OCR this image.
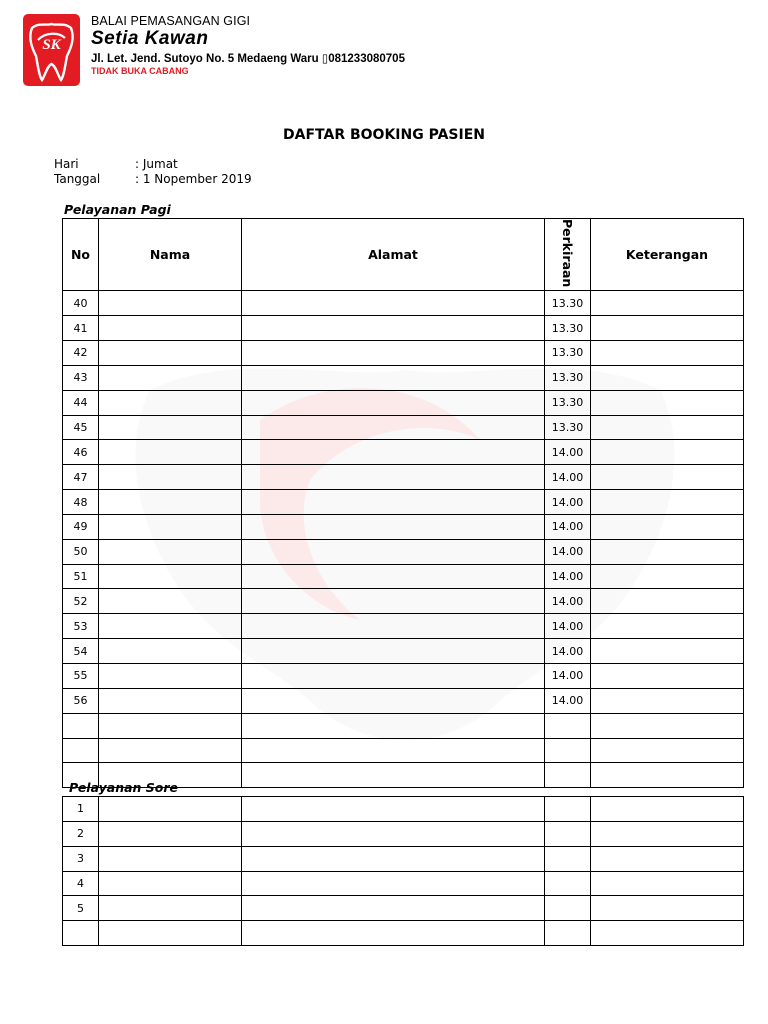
SK
BALAI PEMASANGAN GIGI
Setia Kawan
Jl. Let. Jend. Sutoyo No. 5 Medaeng Waru ▯081233080705
TIDAK BUKA CABANG
DAFTAR BOOKING PASIEN
Hari	: Jumat
Tanggal	: 1 Nopember 2019
Pelayanan Pagi
No	Nama	Alamat	Perkiraan	Keterangan
40			13.30	
41			13.30	
42			13.30	
43			13.30	
44			13.30	
45			13.30	
46			14.00	
47			14.00	
48			14.00	
49			14.00	
50			14.00	
51			14.00	
52			14.00	
53			14.00	
54			14.00	
55			14.00	
56			14.00	

Pelayanan Sore
1				
2				
3				
4				
5				
